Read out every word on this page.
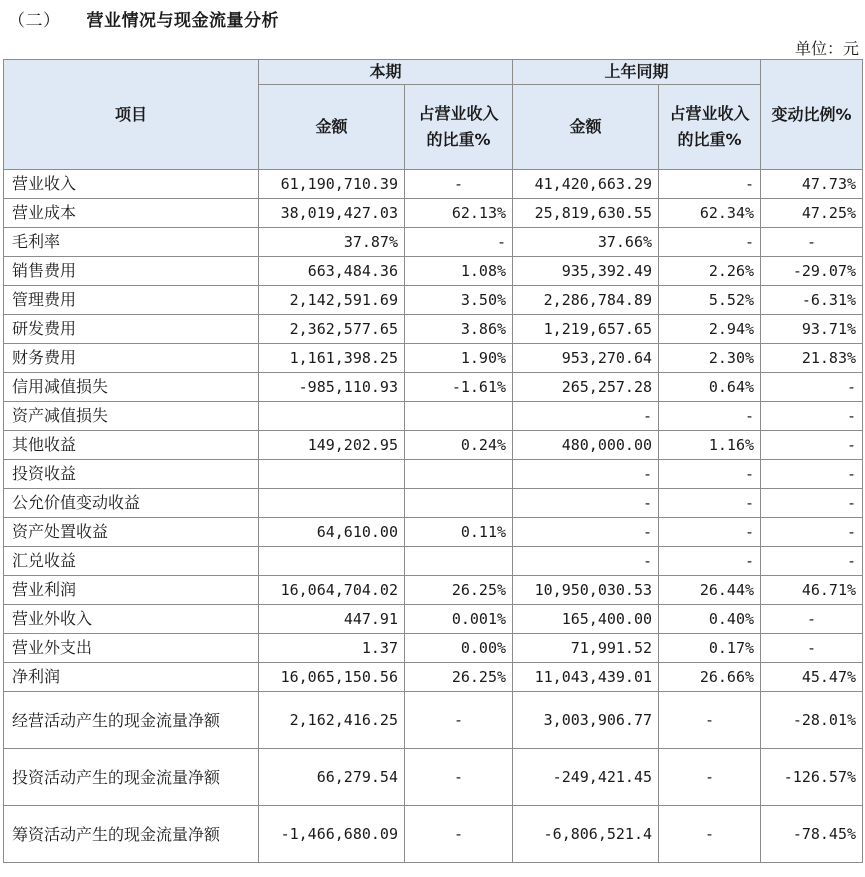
（二） 营业情况与现金流量分析
单位：元
项目	本期		上年同期		变动比例%
	金额	占营业收入的比重%	金额	占营业收入的比重%	
营业收入	61,190,710.39	-	41,420,663.29	-	47.73%
营业成本	38,019,427.03	62.13%	25,819,630.55	62.34%	47.25%
毛利率	37.87%	-	37.66%	-	-
销售费用	663,484.36	1.08%	935,392.49	2.26%	-29.07%
管理费用	2,142,591.69	3.50%	2,286,784.89	5.52%	-6.31%
研发费用	2,362,577.65	3.86%	1,219,657.65	2.94%	93.71%
财务费用	1,161,398.25	1.90%	953,270.64	2.30%	21.83%
信用减值损失	-985,110.93	-1.61%	265,257.28	0.64%	-
资产减值损失			-	-	-
其他收益	149,202.95	0.24%	480,000.00	1.16%	-
投资收益			-	-	-
公允价值变动收益			-	-	-
资产处置收益	64,610.00	0.11%	-	-	-
汇兑收益			-	-	-
营业利润	16,064,704.02	26.25%	10,950,030.53	26.44%	46.71%
营业外收入	447.91	0.001%	165,400.00	0.40%	-
营业外支出	1.37	0.00%	71,991.52	0.17%	-
净利润	16,065,150.56	26.25%	11,043,439.01	26.66%	45.47%
经营活动产生的现金流量净额	2,162,416.25	-	3,003,906.77	-	-28.01%
投资活动产生的现金流量净额	66,279.54	-	-249,421.45	-	-126.57%
筹资活动产生的现金流量净额	-1,466,680.09	-	-6,806,521.4	-	-78.45%
